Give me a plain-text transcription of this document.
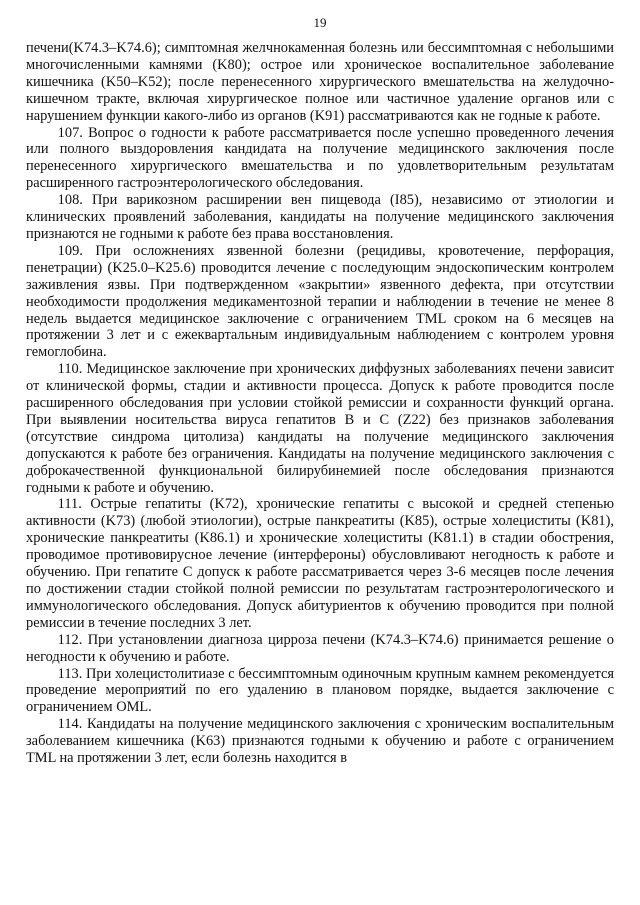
19

печени(K74.3–K74.6); симптомная желчнокаменная болезнь или бессимптомная с небольшими многочисленными камнями (K80); острое или хроническое воспалительное заболевание кишечника (K50–K52); после перенесенного хирургического вмешательства на желудочно-кишечном тракте, включая хирургическое полное или частичное удаление органов или с нарушением функции какого-либо из органов (K91) рассматриваются как не годные к работе.

107. Вопрос о годности к работе рассматривается после успешно проведенного лечения или полного выздоровления кандидата на получение медицинского заключения после перенесенного хирургического вмешательства и по удовлетворительным результатам расширенного гастроэнтерологического обследования.

108. При варикозном расширении вен пищевода (I85), независимо от этиологии и клинических проявлений заболевания, кандидаты на получение медицинского заключения признаются не годными к работе без права восстановления.

109. При осложнениях язвенной болезни (рецидивы, кровотечение, перфорация, пенетрации) (K25.0–K25.6) проводится лечение с последующим эндоскопическим контролем заживления язвы. При подтвержденном «закрытии» язвенного дефекта, при отсутствии необходимости продолжения медикаментозной терапии и наблюдении в течение не менее 8 недель выдается медицинское заключение с ограничением TML сроком на 6 месяцев на протяжении 3 лет и с ежеквартальным индивидуальным наблюдением с контролем уровня гемоглобина.

110. Медицинское заключение при хронических диффузных заболеваниях печени зависит от клинической формы, стадии и активности процесса. Допуск к работе проводится после расширенного обследования при условии стойкой ремиссии и сохранности функций органа. При выявлении носительства вируса гепатитов B и C (Z22) без признаков заболевания (отсутствие синдрома цитолиза) кандидаты на получение медицинского заключения допускаются к работе без ограничения. Кандидаты на получение медицинского заключения с доброкачественной функциональной билирубинемией после обследования признаются годными к работе и обучению.

111. Острые гепатиты (K72), хронические гепатиты с высокой и средней степенью активности (K73) (любой этиологии), острые панкреатиты (K85), острые холециститы (K81), хронические панкреатиты (K86.1) и хронические холециститы (K81.1) в стадии обострения, проводимое противовирусное лечение (интерфероны) обусловливают негодность к работе и обучению. При гепатите C допуск к работе рассматривается через 3-6 месяцев после лечения по достижении стадии стойкой полной ремиссии по результатам гастроэнтерологического и иммунологического обследования. Допуск абитуриентов к обучению проводится при полной ремиссии в течение последних 3 лет.

112. При установлении диагноза цирроза печени (K74.3–K74.6) принимается решение о негодности к обучению и работе.

113. При холецистолитиазе с бессимптомным одиночным крупным камнем рекомендуется проведение мероприятий по его удалению в плановом порядке, выдается заключение с ограничением OML.

114. Кандидаты на получение медицинского заключения с хроническим воспалительным заболеванием кишечника (K63) признаются годными к обучению и работе с ограничением TML на протяжении 3 лет, если болезнь находится в
